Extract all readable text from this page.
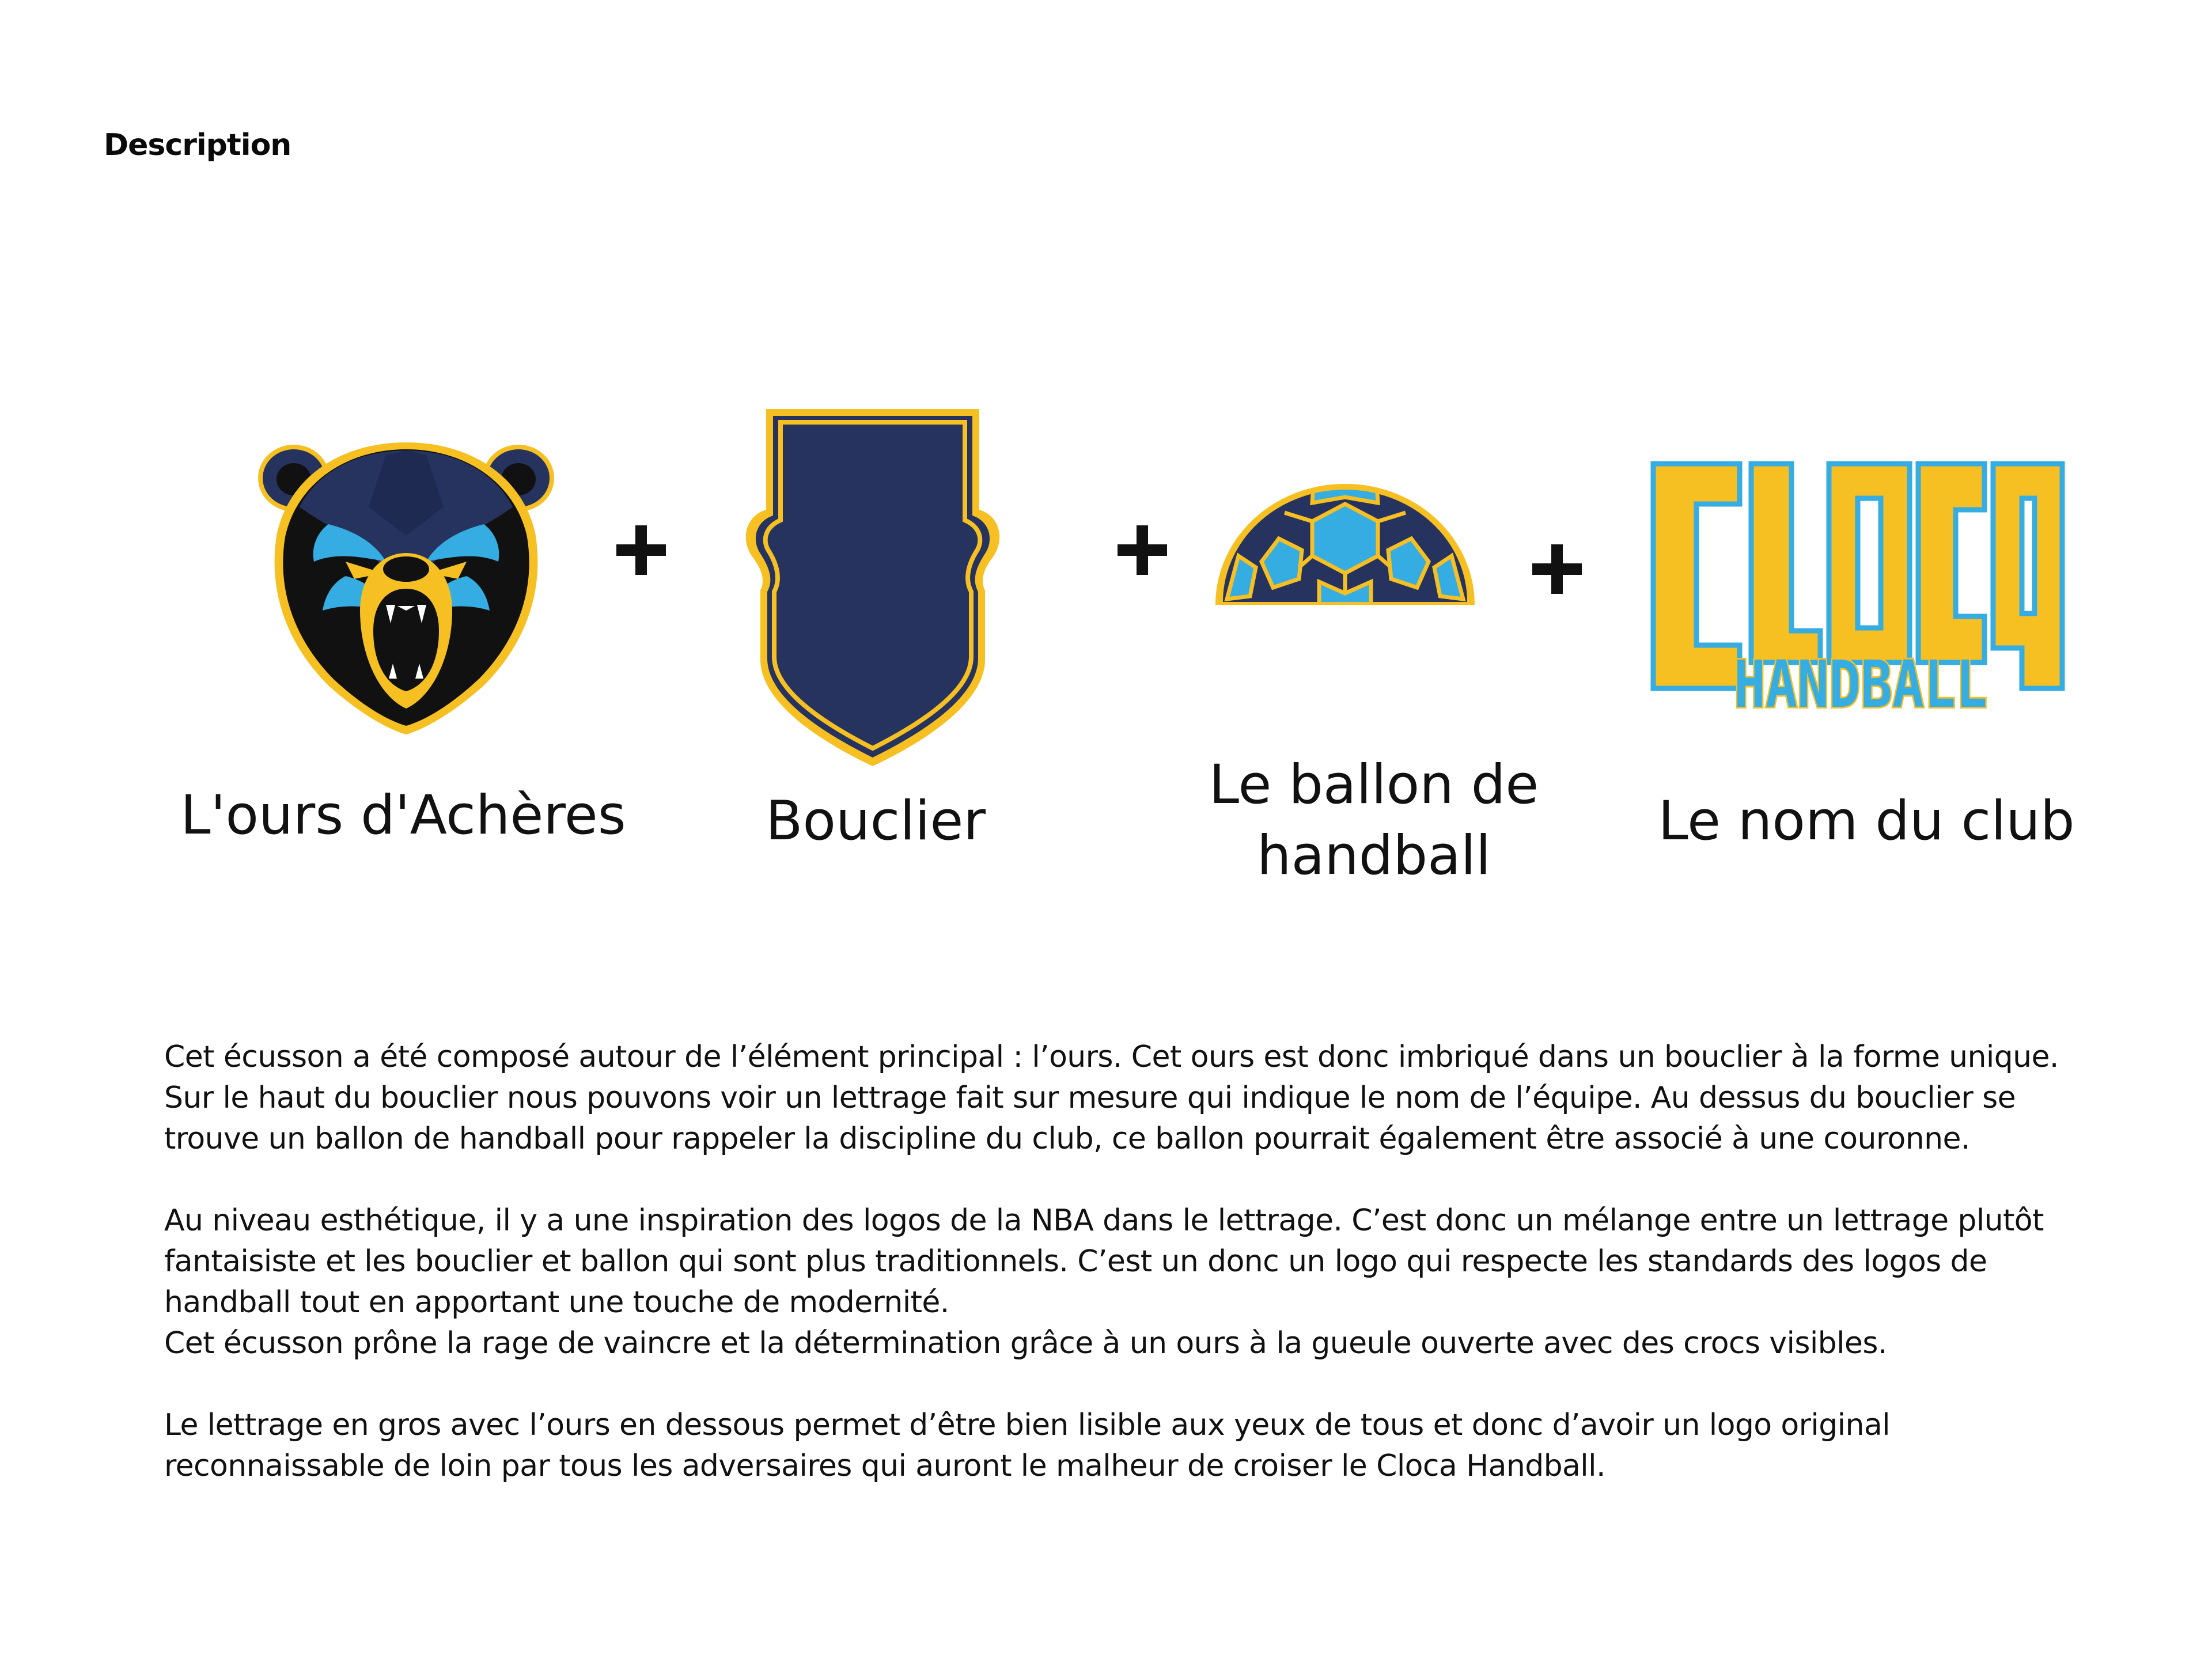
Description
HANDBALL
L'ours d'Achères	Bouclier
Le ballon de
handball
Le nom du club

Cet écusson a été composé autour de l’élément principal : l’ours. Cet ours est donc imbriqué dans un bouclier à la forme unique. Sur le haut du bouclier nous pouvons voir un lettrage fait sur mesure qui indique le nom de l’équipe. Au dessus du bouclier se trouve un ballon de handball pour rappeler la discipline du club, ce ballon pourrait également être associé à une couronne.

Au niveau esthétique, il y a une inspiration des logos de la NBA dans le lettrage. C’est donc un mélange entre un lettrage plutôt fantaisiste et les bouclier et ballon qui sont plus traditionnels. C’est un donc un logo qui respecte les standards des logos de handball tout en apportant une touche de modernité.

Cet écusson prône la rage de vaincre et la détermination grâce à un ours à la gueule ouverte avec des crocs visibles.

Le lettrage en gros avec l’ours en dessous permet d’être bien lisible aux yeux de tous et donc d’avoir un logo original reconnaissable de loin par tous les adversaires qui auront le malheur de croiser le Cloca Handball.
